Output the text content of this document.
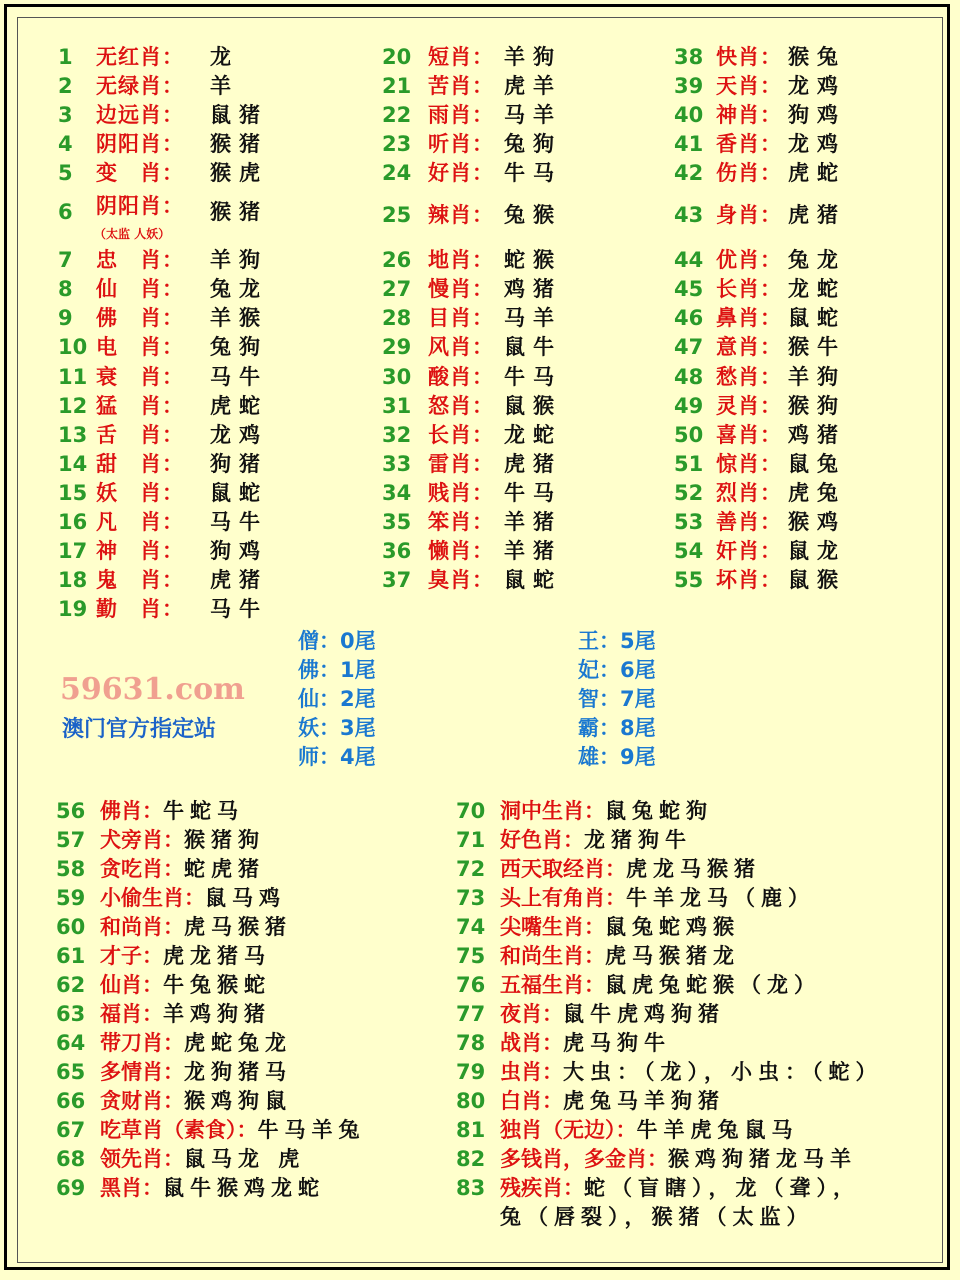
1 无红肖： 龙
2 无绿肖： 羊
3 边远肖： 鼠猪
4 阴阳肖： 猴猪
5 变　肖： 猴虎
6 阴阳肖：
（太监 人妖）
猴猪
7 忠　肖： 羊狗
8 仙　肖： 兔龙
9 佛　肖： 羊猴
10 电　肖： 兔狗
11 衰　肖： 马牛
12 猛　肖： 虎蛇
13 舌　肖： 龙鸡
14 甜　肖： 狗猪
15 妖　肖： 鼠蛇
16 凡　肖： 马牛
17 神　肖： 狗鸡
18 鬼　肖： 虎猪
19 勤　肖： 马牛
20 短肖： 羊狗
21 苦肖： 虎羊
22 雨肖： 马羊
23 听肖： 兔狗
24 好肖： 牛马
25 辣肖： 兔猴
26 地肖： 蛇猴
27 慢肖： 鸡猪
28 目肖： 马羊
29 风肖： 鼠牛
30 酸肖： 牛马
31 怒肖： 鼠猴
32 长肖： 龙蛇
33 雷肖： 虎猪
34 贱肖： 牛马
35 笨肖： 羊猪
36 懒肖： 羊猪
37 臭肖： 鼠蛇
38 快肖： 猴兔
39 天肖： 龙鸡
40 神肖： 狗鸡
41 香肖： 龙鸡
42 伤肖： 虎蛇
43 身肖： 虎猪
44 优肖： 兔龙
45 长肖： 龙蛇
46 鼻肖： 鼠蛇
47 意肖： 猴牛
48 愁肖： 羊狗
49 灵肖： 猴狗
50 喜肖： 鸡猪
51 惊肖： 鼠兔
52 烈肖： 虎兔
53 善肖： 猴鸡
54 奸肖： 鼠龙
55 坏肖： 鼠猴
僧：0尾
佛：1尾
仙：2尾
妖：3尾
师：4尾
王：5尾
妃：6尾
智：7尾
霸：8尾
雄：9尾
59631.com
澳门官方指定站
56 佛肖：牛蛇马
57 犬旁肖：猴猪狗
58 贪吃肖：蛇虎猪
59 小偷生肖：鼠马鸡
60 和尚肖：虎马猴猪
61 才子：虎龙猪马
62 仙肖：牛兔猴蛇
63 福肖：羊鸡狗猪
64 带刀肖：虎蛇兔龙
65 多情肖：龙狗猪马
66 贪财肖：猴鸡狗鼠
67 吃草肖（素食）：牛马羊兔
68 领先肖：鼠马龙 虎
69 黑肖：鼠牛猴鸡龙蛇
70 洞中生肖：鼠兔蛇狗
71 好色肖：龙猪狗牛
72 西天取经肖：虎龙马猴猪
73 头上有角肖：牛羊龙马（鹿）
74 尖嘴生肖：鼠兔蛇鸡猴
75 和尚生肖：虎马猴猪龙
76 五福生肖：鼠虎兔蛇猴（龙）
77 夜肖：鼠牛虎鸡狗猪
78 战肖：虎马狗牛
79 虫肖：大虫：（龙），小虫：（蛇）
80 白肖：虎兔马羊狗猪
81 独肖（无边）：牛羊虎兔鼠马
82 多钱肖，多金肖：猴鸡狗猪龙马羊
83 残疾肖：蛇（盲瞎），龙（聋），
兔（唇裂），猴猪（太监）
